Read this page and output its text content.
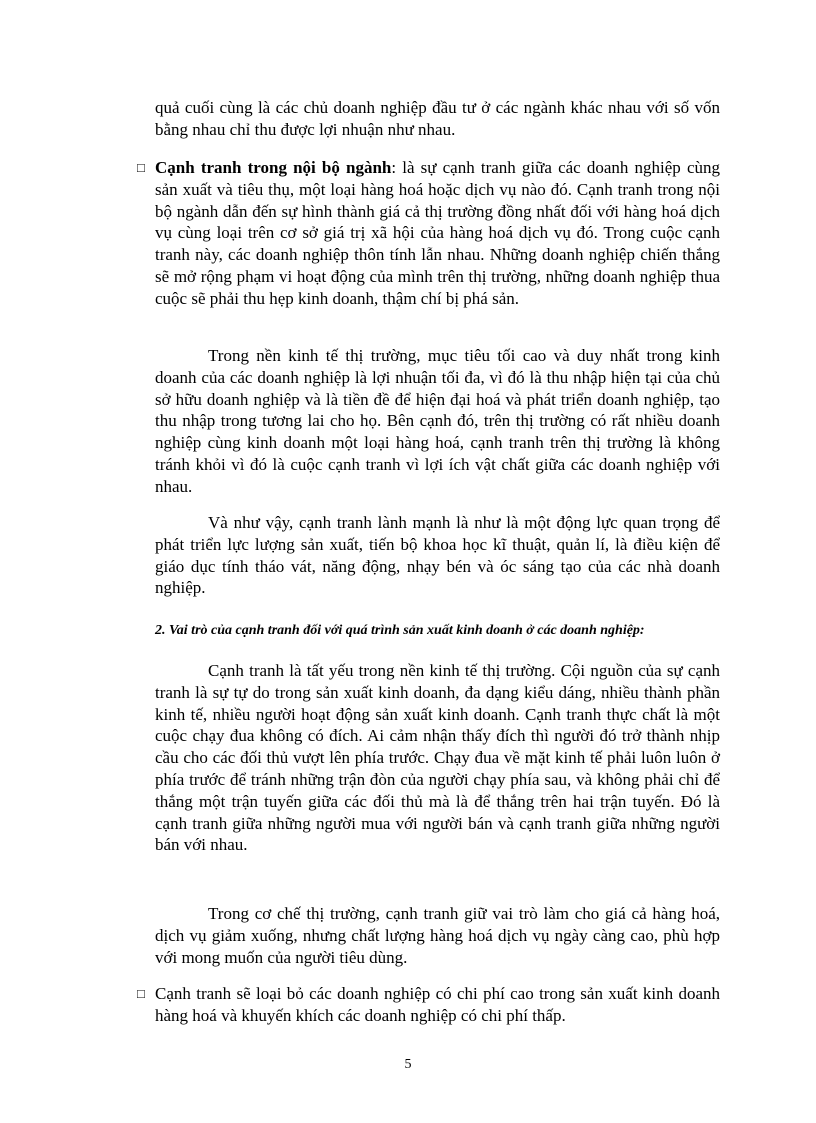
quả cuối cùng là các chủ doanh nghiệp đầu tư ở các ngành khác nhau với số vốn bằng nhau chỉ thu được lợi nhuận như nhau.
□ Cạnh tranh trong nội bộ ngành: là sự cạnh tranh giữa các doanh nghiệp cùng sản xuất và tiêu thụ, một loại hàng hoá hoặc dịch vụ nào đó. Cạnh tranh trong nội bộ ngành dẫn đến sự hình thành giá cả thị trường đồng nhất đối với hàng hoá dịch vụ cùng loại trên cơ sở giá trị xã hội của hàng hoá dịch vụ đó. Trong cuộc cạnh tranh này, các doanh nghiệp thôn tính lẫn nhau. Những doanh nghiệp chiến thắng sẽ mở rộng phạm vi hoạt động của mình trên thị trường, những doanh nghiệp thua cuộc sẽ phải thu hẹp kinh doanh, thậm chí bị phá sản.
Trong nền kinh tế thị trường, mục tiêu tối cao và duy nhất trong kinh doanh của các doanh nghiệp là lợi nhuận tối đa, vì đó là thu nhập hiện tại của chủ sở hữu doanh nghiệp và là tiền đề để hiện đại hoá và phát triển doanh nghiệp, tạo thu nhập trong tương lai cho họ. Bên cạnh đó, trên thị trường có rất nhiều doanh nghiệp cùng kinh doanh một loại hàng hoá, cạnh tranh trên thị trường là không tránh khỏi vì đó là cuộc cạnh tranh vì lợi ích vật chất giữa các doanh nghiệp với nhau.
Và như vậy, cạnh tranh lành mạnh là như là một động lực quan trọng để phát triển lực lượng sản xuất, tiến bộ khoa học kĩ thuật, quản lí, là điều kiện để giáo dục tính tháo vát, năng động, nhạy bén và óc sáng tạo của các nhà doanh nghiệp.
2. Vai trò của cạnh tranh đối với quá trình sản xuất kinh doanh ở các doanh nghiệp:
Cạnh tranh là tất yếu trong nền kinh tế thị trường. Cội nguồn của sự cạnh tranh là sự tự do trong sản xuất kinh doanh, đa dạng kiểu dáng, nhiều thành phần kinh tế, nhiều người hoạt động sản xuất kinh doanh. Cạnh tranh thực chất là một cuộc chạy đua không có đích. Ai cảm nhận thấy đích thì người đó trở thành nhịp cầu cho các đối thủ vượt lên phía trước. Chạy đua về mặt kinh tế phải luôn luôn ở phía trước để tránh những trận đòn của người chạy phía sau, và không phải chỉ để thắng một trận tuyến giữa các đối thủ mà là để thắng trên hai trận tuyến. Đó là cạnh tranh giữa những người mua với người bán và cạnh tranh giữa những người bán với nhau.
Trong cơ chế thị trường, cạnh tranh giữ vai trò làm cho giá cả hàng hoá, dịch vụ giảm xuống, nhưng chất lượng hàng hoá dịch vụ ngày càng cao, phù hợp với mong muốn của người tiêu dùng.
□ Cạnh tranh sẽ loại bỏ các doanh nghiệp có chi phí cao trong sản xuất kinh doanh hàng hoá và khuyến khích các doanh nghiệp có chi phí thấp.
5
